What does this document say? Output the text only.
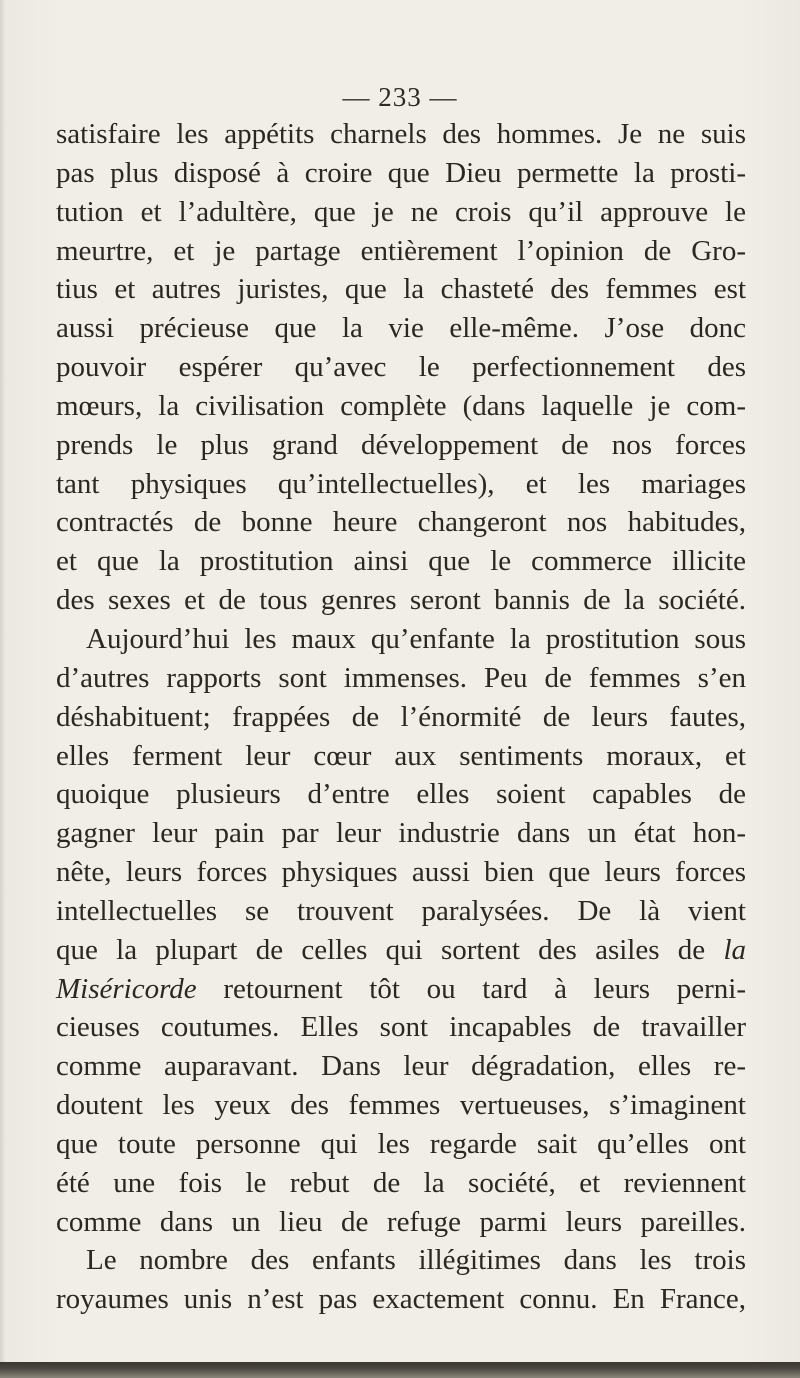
— 233 —
satisfaire les appétits charnels des hommes. Je ne suis
pas plus disposé à croire que Dieu permette la prosti-
tution et l’adultère, que je ne crois qu’il approuve le
meurtre, et je partage entièrement l’opinion de Gro-
tius et autres juristes, que la chasteté des femmes est
aussi précieuse que la vie elle-même. J’ose donc
pouvoir espérer qu’avec le perfectionnement des
mœurs, la civilisation complète (dans laquelle je com-
prends le plus grand développement de nos forces
tant physiques qu’intellectuelles), et les mariages
contractés de bonne heure changeront nos habitudes,
et que la prostitution ainsi que le commerce illicite
des sexes et de tous genres seront bannis de la société.
Aujourd’hui les maux qu’enfante la prostitution sous
d’autres rapports sont immenses. Peu de femmes s’en
déshabituent; frappées de l’énormité de leurs fautes,
elles ferment leur cœur aux sentiments moraux, et
quoique plusieurs d’entre elles soient capables de
gagner leur pain par leur industrie dans un état hon-
nête, leurs forces physiques aussi bien que leurs forces
intellectuelles se trouvent paralysées. De là vient
que la plupart de celles qui sortent des asiles de la
Miséricorde retournent tôt ou tard à leurs perni-
cieuses coutumes. Elles sont incapables de travailler
comme auparavant. Dans leur dégradation, elles re-
doutent les yeux des femmes vertueuses, s’imaginent
que toute personne qui les regarde sait qu’elles ont
été une fois le rebut de la société, et reviennent
comme dans un lieu de refuge parmi leurs pareilles.
Le nombre des enfants illégitimes dans les trois
royaumes unis n’est pas exactement connu. En France,
